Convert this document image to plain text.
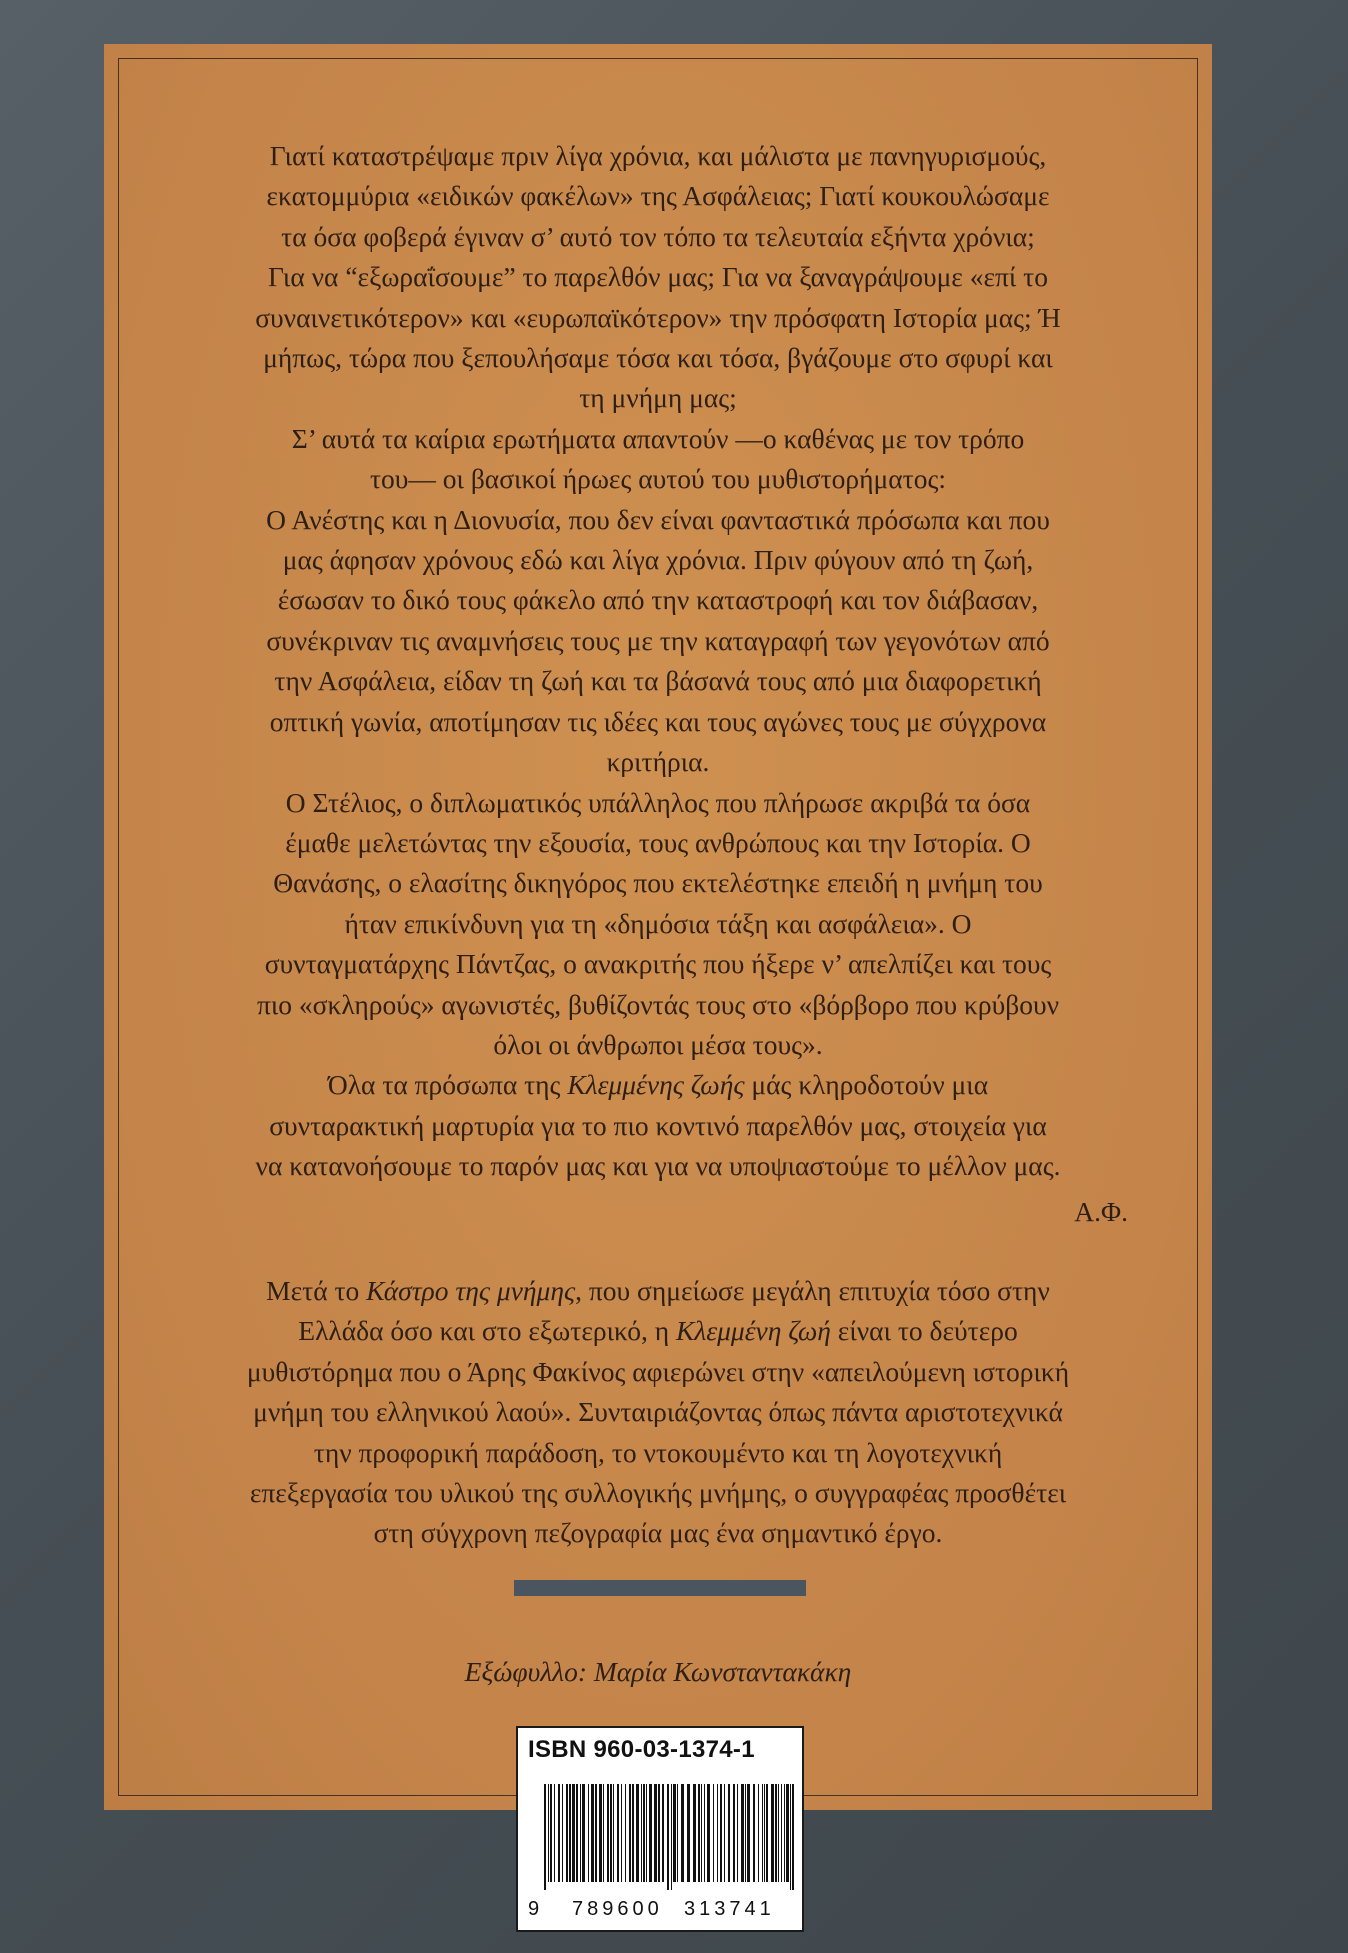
Γιατί καταστρέψαμε πριν λίγα χρόνια, και μάλιστα με πανηγυρισμούς,
εκατομμύρια «ειδικών φακέλων» της Ασφάλειας; Γιατί κουκουλώσαμε
τα όσα φοβερά έγιναν σ’ αυτό τον τόπο τα τελευταία εξήντα χρόνια;
Για να “εξωραΐσουμε” το παρελθόν μας; Για να ξαναγράψουμε «επί το
συναινετικότερον» και «ευρωπαϊκότερον» την πρόσφατη Ιστορία μας; Ή
μήπως, τώρα που ξεπουλήσαμε τόσα και τόσα, βγάζουμε στο σφυρί και
τη μνήμη μας;
Σ’ αυτά τα καίρια ερωτήματα απαντούν —ο καθένας με τον τρόπο
του— οι βασικοί ήρωες αυτού του μυθιστορήματος:
Ο Ανέστης και η Διονυσία, που δεν είναι φανταστικά πρόσωπα και που
μας άφησαν χρόνους εδώ και λίγα χρόνια. Πριν φύγουν από τη ζωή,
έσωσαν το δικό τους φάκελο από την καταστροφή και τον διάβασαν,
συνέκριναν τις αναμνήσεις τους με την καταγραφή των γεγονότων από
την Ασφάλεια, είδαν τη ζωή και τα βάσανά τους από μια διαφορετική
οπτική γωνία, αποτίμησαν τις ιδέες και τους αγώνες τους με σύγχρονα
κριτήρια.
Ο Στέλιος, ο διπλωματικός υπάλληλος που πλήρωσε ακριβά τα όσα
έμαθε μελετώντας την εξουσία, τους ανθρώπους και την Ιστορία. Ο
Θανάσης, ο ελασίτης δικηγόρος που εκτελέστηκε επειδή η μνήμη του
ήταν επικίνδυνη για τη «δημόσια τάξη και ασφάλεια». Ο
συνταγματάρχης Πάντζας, ο ανακριτής που ήξερε ν’ απελπίζει και τους
πιο «σκληρούς» αγωνιστές, βυθίζοντάς τους στο «βόρβορο που κρύβουν
όλοι οι άνθρωποι μέσα τους».
Όλα τα πρόσωπα της Κλεμμένης ζωής μάς κληροδοτούν μια
συνταρακτική μαρτυρία για το πιο κοντινό παρελθόν μας, στοιχεία για
να κατανοήσουμε το παρόν μας και για να υποψιαστούμε το μέλλον μας.
Α.Φ.
Μετά το Κάστρο της μνήμης, που σημείωσε μεγάλη επιτυχία τόσο στην
Ελλάδα όσο και στο εξωτερικό, η Κλεμμένη ζωή είναι το δεύτερο
μυθιστόρημα που ο Άρης Φακίνος αφιερώνει στην «απειλούμενη ιστορική
μνήμη του ελληνικού λαού». Συνταιριάζοντας όπως πάντα αριστοτεχνικά
την προφορική παράδοση, το ντοκουμέντο και τη λογοτεχνική
επεξεργασία του υλικού της συλλογικής μνήμης, ο συγγραφέας προσθέτει
στη σύγχρονη πεζογραφία μας ένα σημαντικό έργο.
Εξώφυλλο: Μαρία Κωνσταντακάκη
ISBN 960-03-1374-1
9 789600 313741
